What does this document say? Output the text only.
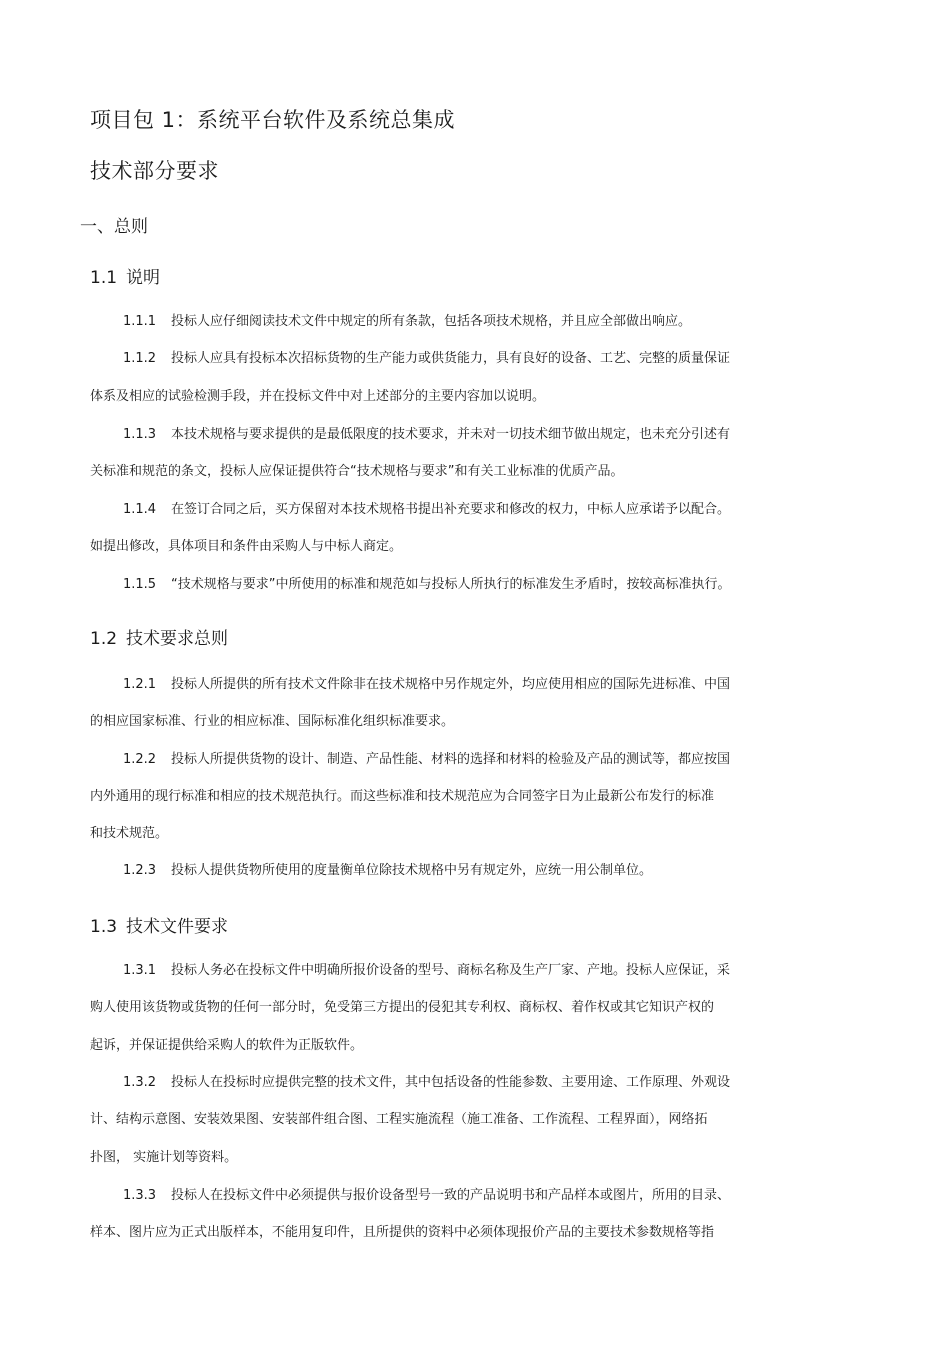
项目包 1：系统平台软件及系统总集成
技术部分要求
一、总则
1.1 说明
1.1.1 投标人应仔细阅读技术文件中规定的所有条款，包括各项技术规格，并且应全部做出响应。
1.1.2 投标人应具有投标本次招标货物的生产能力或供货能力，具有良好的设备、工艺、完整的质量保证
体系及相应的试验检测手段，并在投标文件中对上述部分的主要内容加以说明。
1.1.3 本技术规格与要求提供的是最低限度的技术要求，并未对一切技术细节做出规定，也未充分引述有
关标准和规范的条文，投标人应保证提供符合“技术规格与要求”和有关工业标准的优质产品。
1.1.4 在签订合同之后，买方保留对本技术规格书提出补充要求和修改的权力，中标人应承诺予以配合。
如提出修改，具体项目和条件由采购人与中标人商定。
1.1.5 “技术规格与要求”中所使用的标准和规范如与投标人所执行的标准发生矛盾时，按较高标准执行。
1.2 技术要求总则
1.2.1 投标人所提供的所有技术文件除非在技术规格中另作规定外，均应使用相应的国际先进标准、中国
的相应国家标准、行业的相应标准、国际标准化组织标准要求。
1.2.2 投标人所提供货物的设计、制造、产品性能、材料的选择和材料的检验及产品的测试等，都应按国
内外通用的现行标准和相应的技术规范执行。而这些标准和技术规范应为合同签字日为止最新公布发行的标准
和技术规范。
1.2.3 投标人提供货物所使用的度量衡单位除技术规格中另有规定外，应统一用公制单位。
1.3 技术文件要求
1.3.1 投标人务必在投标文件中明确所报价设备的型号、商标名称及生产厂家、产地。投标人应保证，采
购人使用该货物或货物的任何一部分时，免受第三方提出的侵犯其专利权、商标权、着作权或其它知识产权的
起诉，并保证提供给采购人的软件为正版软件。
1.3.2 投标人在投标时应提供完整的技术文件，其中包括设备的性能参数、主要用途、工作原理、外观设
计、结构示意图、安装效果图、安装部件组合图、工程实施流程（施工准备、工作流程、工程界面），网络拓
扑图， 实施计划等资料。
1.3.3 投标人在投标文件中必须提供与报价设备型号一致的产品说明书和产品样本或图片，所用的目录、
样本、图片应为正式出版样本，不能用复印件，且所提供的资料中必须体现报价产品的主要技术参数规格等指
